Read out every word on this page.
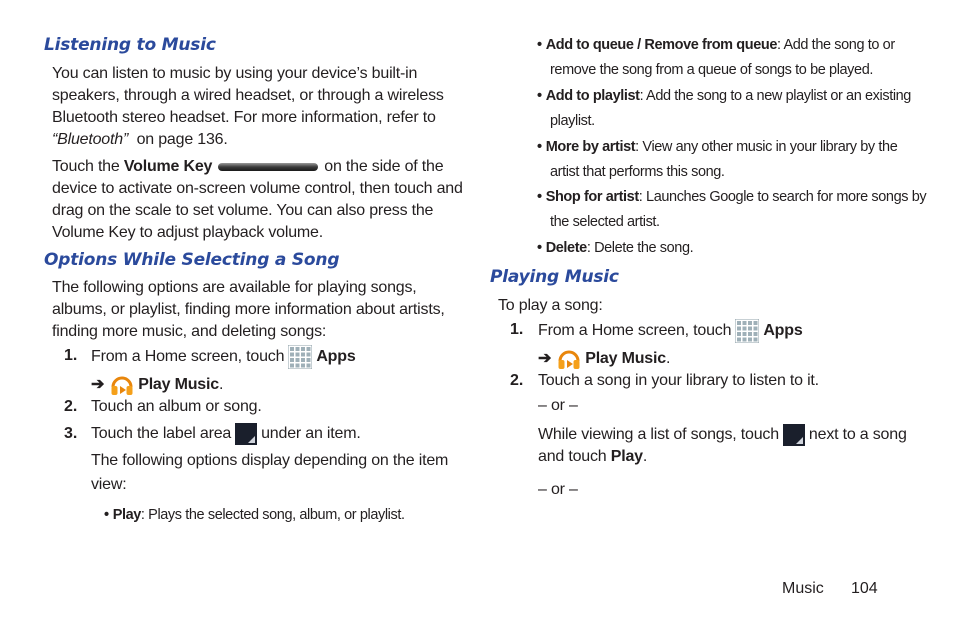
Listening to Music
You can listen to music by using your device’s built-in
speakers, through a wired headset, or through a wireless
Bluetooth stereo headset. For more information, refer to
“Bluetooth” on page 136.
Touch the Volume Key	on the side of the
device to activate on-screen volume control, then touch and
drag on the scale to set volume. You can also press the
Volume Key to adjust playback volume.
Options While Selecting a Song
The following options are available for playing songs,
albums, or playlist, finding more information about artists,
finding more music, and deleting songs:
1. From a Home screen, touch Apps
➔ Play Music.
2. Touch an album or song.
3. Touch the label area under an item.
The following options display depending on the item
view:
• Play: Plays the selected song, album, or playlist.
• Add to queue / Remove from queue: Add the song to or
remove the song from a queue of songs to be played.
• Add to playlist: Add the song to a new playlist or an existing
playlist.
• More by artist: View any other music in your library by the
artist that performs this song.
• Shop for artist: Launches Google to search for more songs by
the selected artist.
• Delete: Delete the song.
Playing Music
To play a song:
1. From a Home screen, touch Apps
➔ Play Music.
2. Touch a song in your library to listen to it.
– or –
While viewing a list of songs, touch next to a song
and touch Play.
– or –
Music 104
